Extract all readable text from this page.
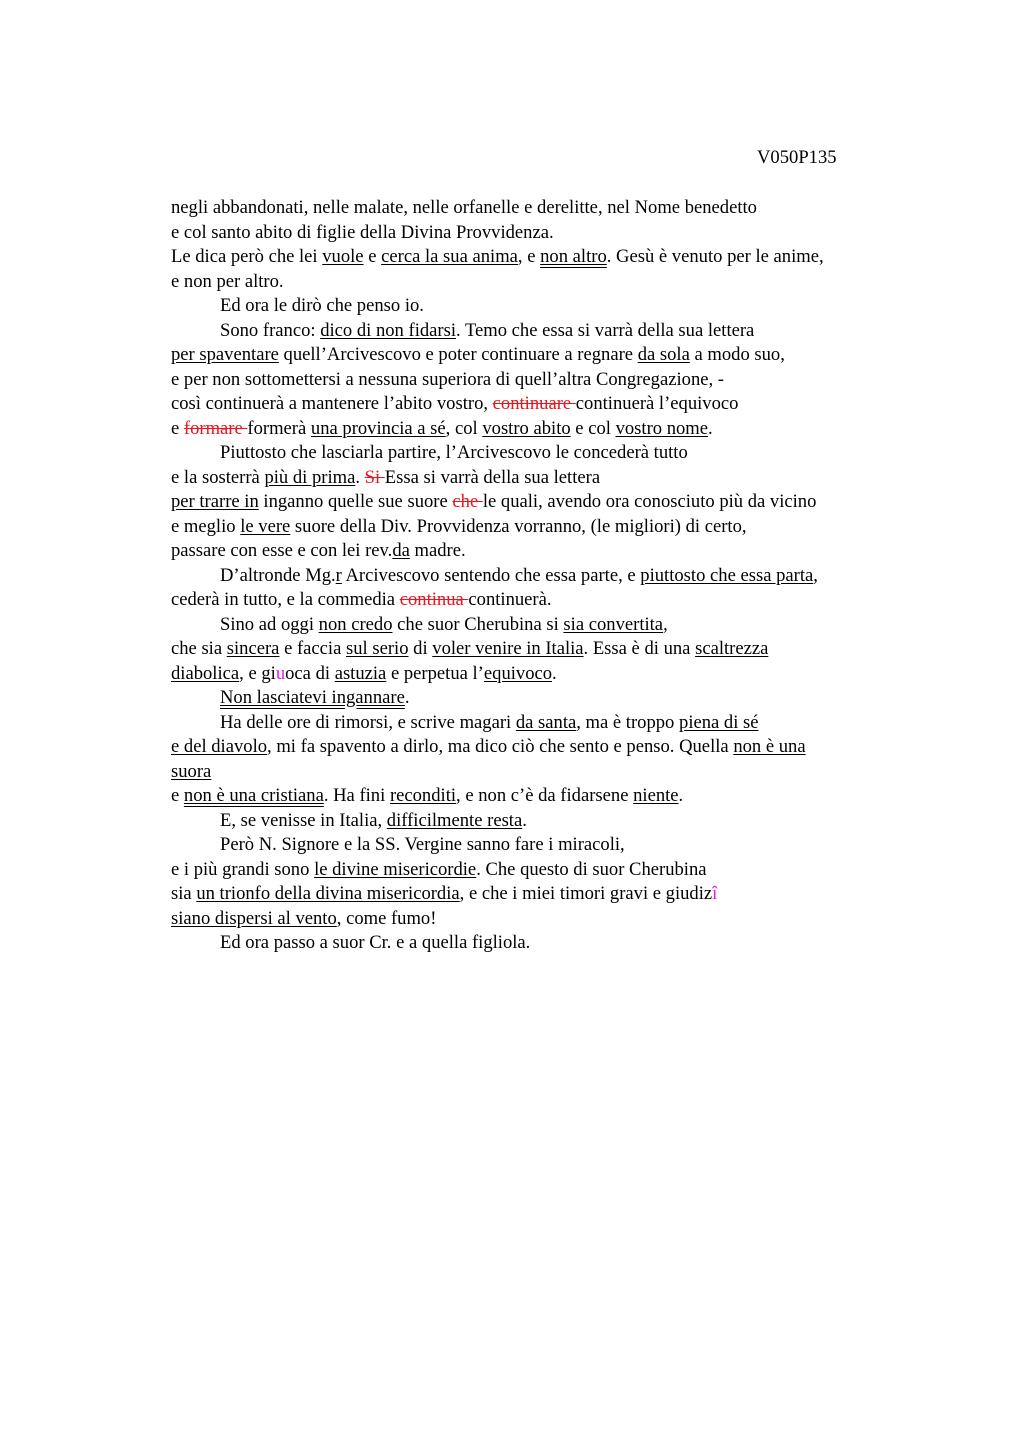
V050P135
negli abbandonati, nelle malate, nelle orfanelle e derelitte, nel Nome benedetto
e col santo abito di figlie della Divina Provvidenza.
Le dica però che lei vuole e cerca la sua anima, e non altro. Gesù è venuto per le anime,
e non per altro.
Ed ora le dirò che penso io.
Sono franco: dico di non fidarsi. Temo che essa si varrà della sua lettera
per spaventare quell’Arcivescovo e poter continuare a regnare da sola a modo suo,
e per non sottomettersi a nessuna superiora di quell’altra Congregazione, -
così continuerà a mantenere l’abito vostro, continuare continuerà l’equivoco
e formare formerà una provincia a sé, col vostro abito e col vostro nome.
Piuttosto che lasciarla partire, l’Arcivescovo le concederà tutto
e la sosterrà più di prima. Si Essa si varrà della sua lettera
per trarre in inganno quelle sue suore che le quali, avendo ora conosciuto più da vicino
e meglio le vere suore della Div. Provvidenza vorranno, (le migliori) di certo,
passare con esse e con lei rev.da madre.
D’altronde Mg.r Arcivescovo sentendo che essa parte, e piuttosto che essa parta,
cederà in tutto, e la commedia continua continuerà.
Sino ad oggi non credo che suor Cherubina si sia convertita,
che sia sincera e faccia sul serio di voler venire in Italia. Essa è di una scaltrezza
diabolica, e giuoca di astuzia e perpetua l’equivoco.
Non lasciatevi ingannare.
Ha delle ore di rimorsi, e scrive magari da santa, ma è troppo piena di sé
e del diavolo, mi fa spavento a dirlo, ma dico ciò che sento e penso. Quella non è una
suora
e non è una cristiana. Ha fini reconditi, e non c’è da fidarsene niente.
E, se venisse in Italia, difficilmente resta.
Però N. Signore e la SS. Vergine sanno fare i miracoli,
e i più grandi sono le divine misericordie. Che questo di suor Cherubina
sia un trionfo della divina misericordia, e che i miei timori gravi e giudizî
siano dispersi al vento, come fumo!
Ed ora passo a suor Cr. e a quella figliola.
